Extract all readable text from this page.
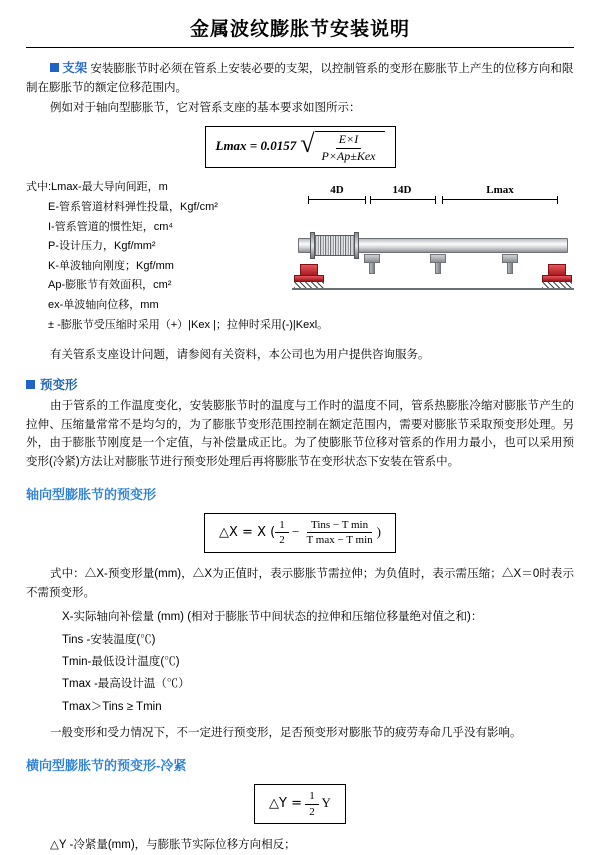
金属波纹膨胀节安装说明

支架 安装膨胀节时必须在管系上安装必要的支架，以控制管系的变形在膨胀节上产生的位移方向和限制在膨胀节的额定位移范围内。

例如对于轴向型膨胀节，它对管系支座的基本要求如图所示：

Lmax = 0.0157 √ $\frac{E\times I}{\text{P×Ap±Kex}}$
式中:Lmax-最大导向间距，m
E-管系管道材料弹性投量，Kgf/cm²
I-管系管道的惯性矩，cm⁴
P-设计压力，Kgf/mm²
K-单波轴向刚度；Kgf/mm
Ap-膨胀节有效面积，cm²
ex-单波轴向位移，mm
± -膨胀节受压缩时采用（+）|Kex |；拉伸时采用(-)|Kexl。
4D	14D	Lmax

有关管系支座设计问题，请参阅有关资料，本公司也为用户提供咨询服务。

预变形

由于管系的工作温度变化，安装膨胀节时的温度与工作时的温度不同，管系热膨胀冷缩对膨胀节产生的拉伸、压缩量常常不是均匀的，为了膨胀节变形范围控制在额定范围内，需要对膨胀节采取预变形处理。另外，由于膨胀节刚度是一个定值，与补偿量成正比。为了使膨胀节位移对管系的作用力最小，也可以采用预变形(冷紧)方法让对膨胀节进行预变形处理后再将膨胀节在变形状态下安装在管系中。

轴向型膨胀节的预变形
△X = X ( $\frac{1}{2} - \frac{\text{Tins − T min}}{\text{T max − T min}}$ )

式中：△X-预变形量(mm)，△X为正值时，表示膨胀节需拉伸；为负值时，表示需压缩；△X＝0时表示不需预变形。

X-实际轴向补偿量 (mm) (相对于膨胀节中间状态的拉伸和压缩位移量绝对值之和)：
Tins -安装温度(℃)
Tmin-最低设计温度(℃)
Tmax -最高设计温（℃）
Tmax＞Tins ≥ Tmin

一般变形和受力情况下，不一定进行预变形，足否预变形对膨胀节的疲劳寿命几乎没有影响。

横向型膨胀节的预变形-冷紧
△Y = $\frac{1}{2}$ Y

△Y -冷紧量(mm)，与膨胀节实际位移方向相反；
